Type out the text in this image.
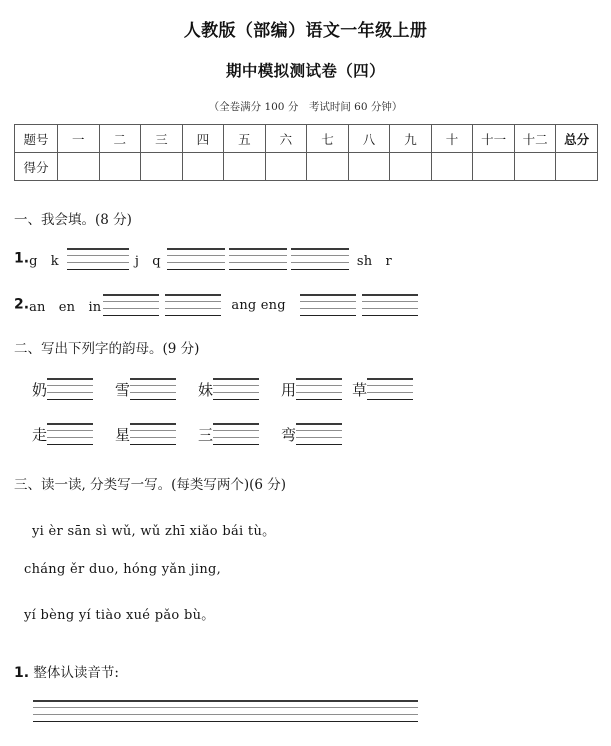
人教版（部编）语文一年级上册
期中模拟测试卷（四）

（全卷满分 100 分　考试时间 60 分钟）

题号	一	二	三	四	五	六	七	八	九	十	十一	十二	总分
得分													
一、我会填。(8 分)
1.g　k	j　q	sh　r
2.an　en　in	ang eng
二、写出下列字的韵母。(9 分)
奶	雪	妹	用	草
走	星	三	弯
三、读一读, 分类写一写。(每类写两个)(6 分)
yi èr sān sì wǔ, wǔ zhī xiǎo bái tù。
cháng ěr duo, hóng yǎn jing,
yí bèng yí tiào xué pǎo bù。
1. 整体认读音节:
